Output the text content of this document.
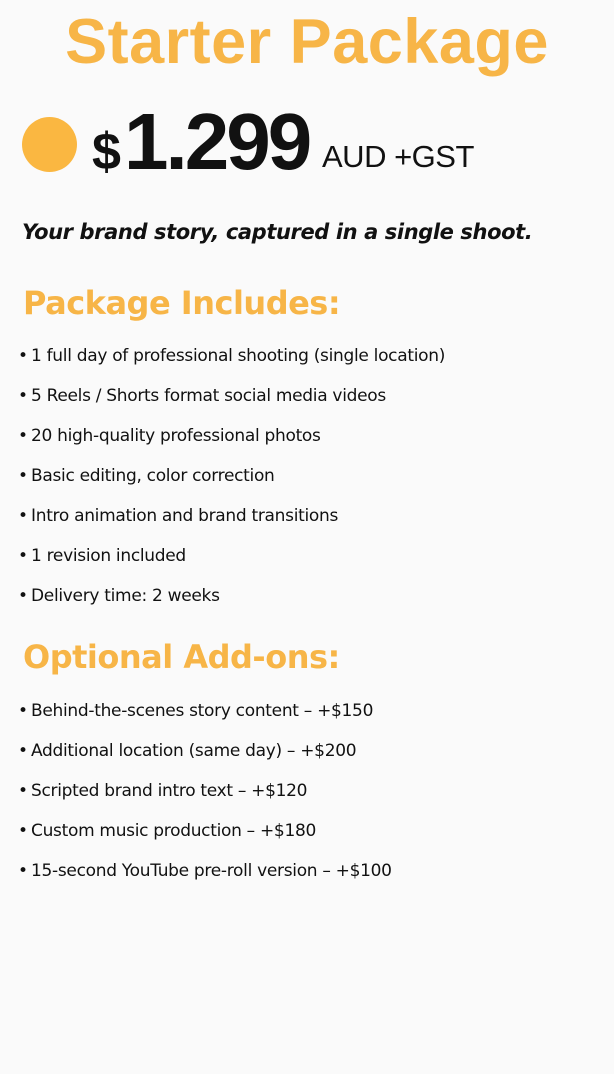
Starter Package
$ 1.299 AUD +GST
Your brand story, captured in a single shoot.
Package Includes:
• 1 full day of professional shooting (single location)
• 5 Reels / Shorts format social media videos
• 20 high-quality professional photos
• Basic editing, color correction
• Intro animation and brand transitions
• 1 revision included
• Delivery time: 2 weeks
Optional Add-ons:
• Behind-the-scenes story content – +$150
• Additional location (same day) – +$200
• Scripted brand intro text – +$120
• Custom music production – +$180
• 15-second YouTube pre-roll version – +$100
